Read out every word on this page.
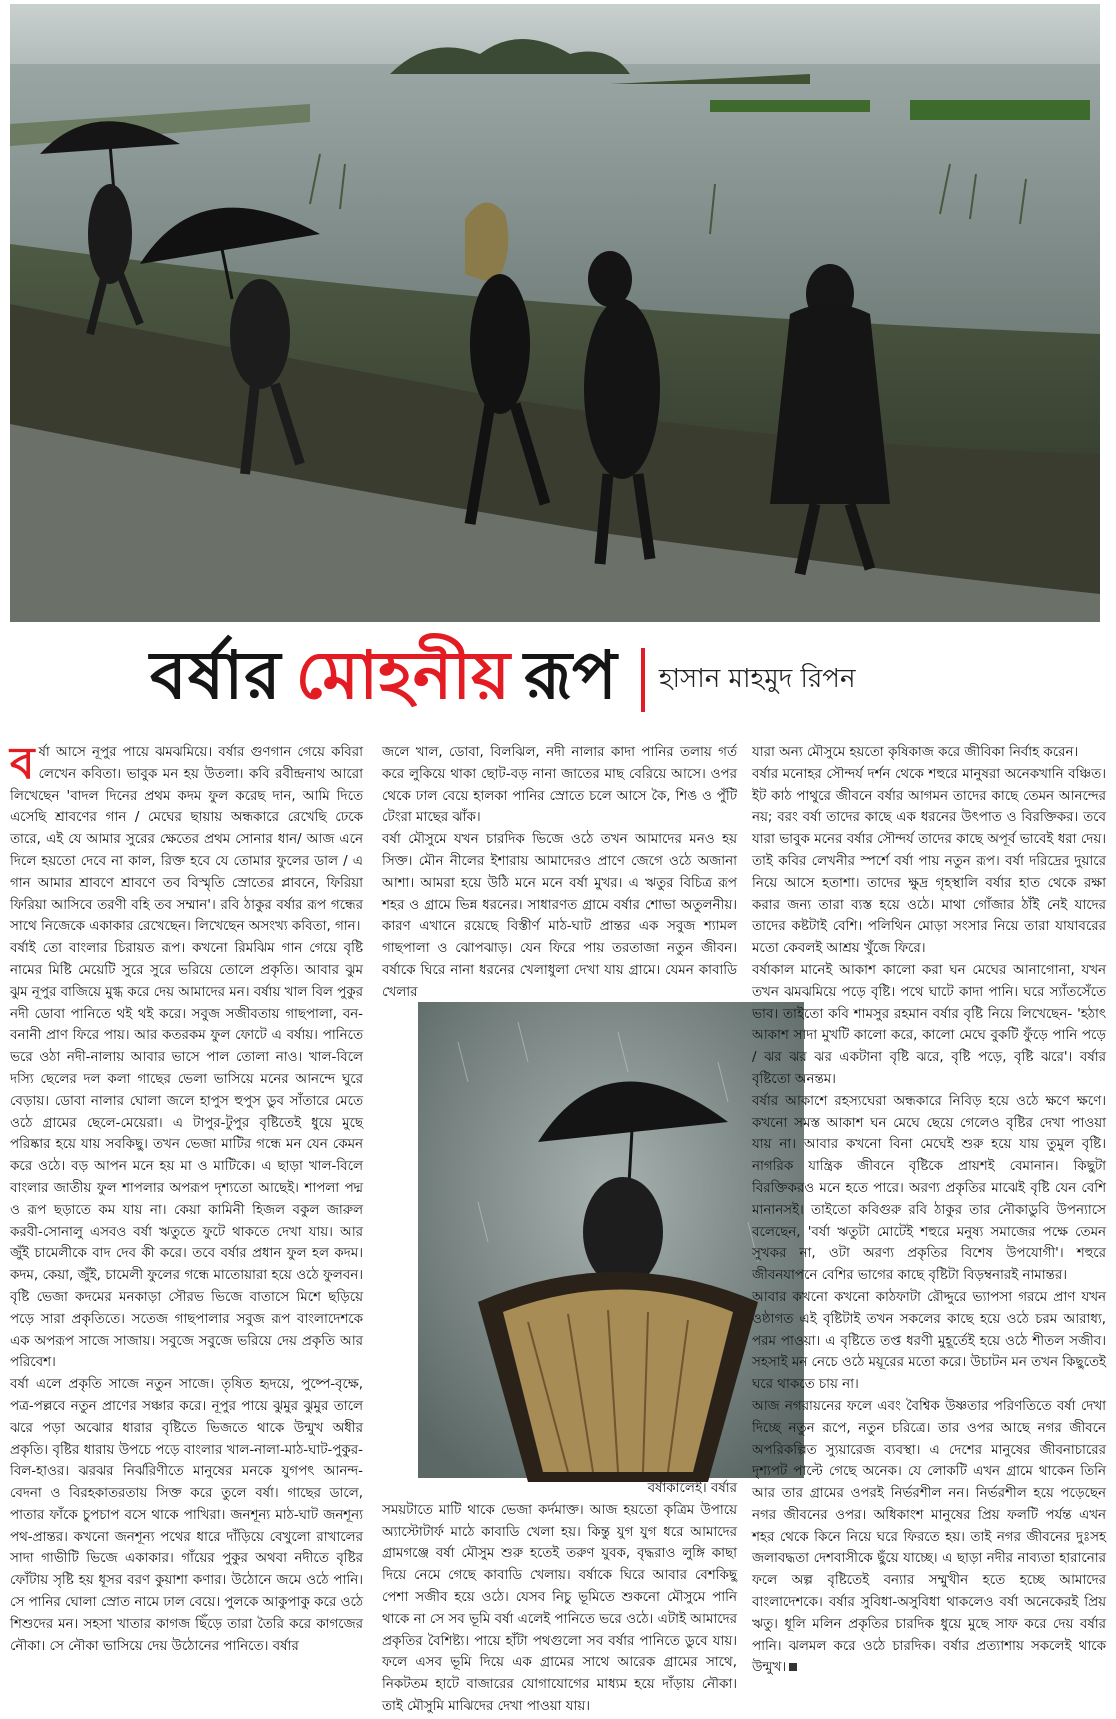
বর্ষার মোহনীয় রূপ হাসান মাহমুদ রিপন
ব র্ষা আসে নূপুর পায়ে ঝমঝমিয়ে। বর্ষার গুণগান গেয়ে কবিরা লেখেন কবিতা। ভাবুক মন হয় উতলা। কবি রবীন্দ্রনাথ আরো লিখেছেন 'বাদল দিনের প্রথম কদম ফুল করেছ দান, আমি দিতে এসেছি শ্রাবণের গান / মেঘের ছায়ায় অন্ধকারে রেখেছি ঢেকে তারে, এই যে আমার সুরের ক্ষেতের প্রথম সোনার ধান/ আজ এনে দিলে হয়তো দেবে না কাল, রিক্ত হবে যে তোমার ফুলের ডাল / এ গান আমার শ্রাবণে শ্রাবণে তব বিস্মৃতি স্রোতের প্লাবনে, ফিরিয়া ফিরিয়া আসিবে তরণী বহি তব সম্মান'। রবি ঠাকুর বর্ষার রূপ গন্ধের সাথে নিজেকে একাকার রেখেছেন। লিখেছেন অসংখ্য কবিতা, গান।

বর্ষাই তো বাংলার চিরায়ত রূপ। কখনো রিমঝিম গান গেয়ে বৃষ্টি নামের মিষ্টি মেয়েটি সুরে সুরে ভরিয়ে তোলে প্রকৃতি। আবার ঝুম ঝুম নূপুর বাজিয়ে মুগ্ধ করে দেয় আমাদের মন। বর্ষায় খাল বিল পুকুর নদী ডোবা পানিতে থই থই করে। সবুজ সজীবতায় গাছপালা, বন-বনানী প্রাণ ফিরে পায়। আর কতরকম ফুল ফোটে এ বর্ষায়। পানিতে ভরে ওঠা নদী-নালায় আবার ভাসে পাল তোলা নাও। খাল-বিলে দস্যি ছেলের দল কলা গাছের ভেলা ভাসিয়ে মনের আনন্দে ঘুরে বেড়ায়। ডোবা নালার ঘোলা জলে হাপুস হুপুস ডুব সাঁতারে মেতে ওঠে গ্রামের ছেলে-মেয়েরা। এ টাপুর-টুপুর বৃষ্টিতেই ধুয়ে মুছে পরিষ্কার হয়ে যায় সবকিছু। তখন ভেজা মাটির গন্ধে মন যেন কেমন করে ওঠে। বড় আপন মনে হয় মা ও মাটিকে। এ ছাড়া খাল-বিলে বাংলার জাতীয় ফুল শাপলার অপরূপ দৃশ্যতো আছেই। শাপলা পদ্ম ও রূপ ছড়াতে কম যায় না। কেয়া কামিনী হিজল বকুল জারুল করবী-সোনালু এসবও বর্ষা ঋতুতে ফুটে থাকতে দেখা যায়। আর জুঁই চামেলীকে বাদ দেব কী করে। তবে বর্ষার প্রধান ফুল হল কদম। কদম, কেয়া, জুঁই, চামেলী ফুলের গন্ধে মাতোয়ারা হয়ে ওঠে ফুলবন। বৃষ্টি ভেজা কদমের মনকাড়া সৌরভ ভিজে বাতাসে মিশে ছড়িয়ে পড়ে সারা প্রকৃতিতে। সতেজ গাছপালার সবুজ রূপ বাংলাদেশকে এক অপরূপ সাজে সাজায়। সবুজে সবুজে ভরিয়ে দেয় প্রকৃতি আর পরিবেশ।

বর্ষা এলে প্রকৃতি সাজে নতুন সাজে। তৃষিত হৃদয়ে, পুষ্পে-বৃক্ষে, পত্র-পল্লবে নতুন প্রাণের সঞ্চার করে। নূপুর পায়ে ঝুমুর ঝুমুর তালে ঝরে পড়া অঝোর ধারার বৃষ্টিতে ভিজতে থাকে উন্মুখ অধীর প্রকৃতি। বৃষ্টির ধারায় উপচে পড়ে বাংলার খাল-নালা-মাঠ-ঘাট-পুকুর-বিল-হাওর। ঝরঝর নির্ঝরিণীতে মানুষের মনকে যুগপৎ আনন্দ-বেদনা ও বিরহকাতরতায় সিক্ত করে তুলে বর্ষা। গাছের ডালে, পাতার ফাঁকে চুপচাপ বসে থাকে পাখিরা। জনশূন্য মাঠ-ঘাট জনশূন্য পথ-প্রান্তর। কখনো জনশূন্য পথের ধারে দাঁড়িয়ে বেখুলো রাখালের সাদা গাভীটি ভিজে একাকার। গাঁয়ের পুকুর অথবা নদীতে বৃষ্টির ফোঁটায় সৃষ্টি হয় ধূসর বরণ কুয়াশা কণার। উঠোনে জমে ওঠে পানি। সে পানির ঘোলা স্রোত নামে ঢাল বেয়ে। পুলকে আকুপাকু করে ওঠে শিশুদের মন। সহসা খাতার কাগজ ছিঁড়ে তারা তৈরি করে কাগজের নৌকা। সে নৌকা ভাসিয়ে দেয় উঠোনের পানিতে। বর্ষার

জলে খাল, ডোবা, বিলঝিল, নদী নালার কাদা পানির তলায় গর্ত করে লুকিয়ে থাকা ছোট-বড় নানা জাতের মাছ বেরিয়ে আসে। ওপর থেকে ঢাল বেয়ে হালকা পানির স্রোতে চলে আসে কৈ, শিঙ ও পুঁটি টেংরা মাছের ঝাঁক।

বর্ষা মৌসুমে যখন চারদিক ভিজে ওঠে তখন আমাদের মনও হয় সিক্ত। মৌন নীলের ইশারায় আমাদেরও প্রাণে জেগে ওঠে অজানা আশা। আমরা হয়ে উঠি মনে মনে বর্ষা মুখর। এ ঋতুর বিচিত্র রূপ শহর ও গ্রামে ভিন্ন ধরনের। সাধারণত গ্রামে বর্ষার শোভা অতুলনীয়। কারণ এখানে রয়েছে বিস্তীর্ণ মাঠ-ঘাট প্রান্তর এক সবুজ শ্যামল গাছপালা ও ঝোপঝাড়। যেন ফিরে পায় তরতাজা নতুন জীবন। বর্ষাকে ঘিরে নানা ধরনের খেলাধুলা দেখা যায় গ্রামে। যেমন কাবাডি খেলার

বর্ষাকালেই। বর্ষার

সময়টাতে মাটি থাকে ভেজা কর্দমাক্ত। আজ হয়তো কৃত্রিম উপায়ে অ্যাস্টোটার্ফ মাঠে কাবাডি খেলা হয়। কিন্তু যুগ যুগ ধরে আমাদের গ্রামগঞ্জে বর্ষা মৌসুম শুরু হতেই তরুণ যুবক, বৃদ্ধরাও লুঙ্গি কাছা দিয়ে নেমে গেছে কাবাডি খেলায়। বর্ষাকে ঘিরে আবার বেশকিছু পেশা সজীব হয়ে ওঠে। যেসব নিচু ভূমিতে শুকনো মৌসুমে পানি থাকে না সে সব ভূমি বর্ষা এলেই পানিতে ভরে ওঠে। এটাই আমাদের প্রকৃতির বৈশিষ্ট্য। পায়ে হাঁটা পথগুলো সব বর্ষার পানিতে ডুবে যায়। ফলে এসব ভূমি দিয়ে এক গ্রামের সাথে আরেক গ্রামের সাথে, নিকটতম হাটে বাজারের যোগাযোগের মাধ্যম হয়ে দাঁড়ায় নৌকা। তাই মৌসুমি মাঝিদের দেখা পাওয়া যায়।

যারা অন্য মৌসুমে হয়তো কৃষিকাজ করে জীবিকা নির্বাহ করেন।

বর্ষার মনোহর সৌন্দর্য দর্শন থেকে শহুরে মানুষরা অনেকখানি বঞ্চিত। ইট কাঠ পাথুরে জীবনে বর্ষার আগমন তাদের কাছে তেমন আনন্দের নয়; বরং বর্ষা তাদের কাছে এক ধরনের উৎপাত ও বিরক্তিকর। তবে যারা ভাবুক মনের বর্ষার সৌন্দর্য তাদের কাছে অপূর্ব ভাবেই ধরা দেয়। তাই কবির লেখনীর স্পর্শে বর্ষা পায় নতুন রূপ। বর্ষা দরিদ্রের দুয়ারে নিয়ে আসে হতাশা। তাদের ক্ষুদ্র গৃহস্থালি বর্ষার হাত থেকে রক্ষা করার জন্য তারা ব্যস্ত হয়ে ওঠে। মাথা গোঁজার ঠাঁই নেই যাদের তাদের কষ্টটাই বেশি। পলিথিন মোড়া সংসার নিয়ে তারা যাযাবরের মতো কেবলই আশ্রয় খুঁজে ফিরে।

বর্ষাকাল মানেই আকাশ কালো করা ঘন মেঘের আনাগোনা, যখন তখন ঝমঝমিয়ে পড়ে বৃষ্টি। পথে ঘাটে কাদা পানি। ঘরে স্যাঁতসেঁতে ভাব। তাইতো কবি শামসুর রহমান বর্ষার বৃষ্টি নিয়ে লিখেছেন- 'হঠাৎ আকাশ সাদা মুখটি কালো করে, কালো মেঘে বুকটি ফুঁড়ে পানি পড়ে / ঝর ঝর ঝর একটানা বৃষ্টি ঝরে, বৃষ্টি পড়ে, বৃষ্টি ঝরে'। বর্ষার বৃষ্টিতো অনন্তম।

বর্ষার আকাশে রহস্যঘেরা অন্ধকারে নিবিড় হয়ে ওঠে ক্ষণে ক্ষণে। কখনো সমস্ত আকাশ ঘন মেঘে ছেয়ে গেলেও বৃষ্টির দেখা পাওয়া যায় না। আবার কখনো বিনা মেঘেই শুরু হয়ে যায় তুমুল বৃষ্টি। নাগরিক যান্ত্রিক জীবনে বৃষ্টিকে প্রায়শই বেমানান। কিছুটা বিরক্তিকরও মনে হতে পারে। অরণ্য প্রকৃতির মাঝেই বৃষ্টি যেন বেশি মানানসই। তাইতো কবিগুরু রবি ঠাকুর তার নৌকাডুবি উপন্যাসে বলেছেন, 'বর্ষা ঋতুটা মোটেই শহুরে মনুষ্য সমাজের পক্ষে তেমন সুখকর না, ওটা অরণ্য প্রকৃতির বিশেষ উপযোগী'। শহুরে জীবনযাপনে বেশির ভাগের কাছে বৃষ্টিটা বিড়ম্বনারই নামান্তর।

আবার কখনো কখনো কাঠফাটা রৌদ্দুরে ভ্যাপসা গরমে প্রাণ যখন ওষ্ঠাগত এই বৃষ্টিটাই তখন সকলের কাছে হয়ে ওঠে চরম আরাধ্য, পরম পাওয়া। এ বৃষ্টিতে তপ্ত ধরণী মুহূর্তেই হয়ে ওঠে শীতল সজীব। সহসাই মন নেচে ওঠে ময়ূরের মতো করে। উচাটন মন তখন কিছুতেই ঘরে থাকতে চায় না।

আজ নগরায়নের ফলে এবং বৈশ্বিক উষ্ণতার পরিণতিতে বর্ষা দেখা দিচ্ছে নতুন রূপে, নতুন চরিত্রে। তার ওপর আছে নগর জীবনে অপরিকল্পিত স্যুয়ারেজ ব্যবস্থা। এ দেশের মানুষের জীবনাচারের দৃশ্যপট পাল্টে গেছে অনেক। যে লোকটি এখন গ্রামে থাকেন তিনি আর তার গ্রামের ওপরই নির্ভরশীল নন। নির্ভরশীল হয়ে পড়েছেন নগর জীবনের ওপর। অধিকাংশ মানুষের প্রিয় ফলটি পর্যন্ত এখন শহর থেকে কিনে নিয়ে ঘরে ফিরতে হয়। তাই নগর জীবনের দুঃসহ জলাবদ্ধতা দেশবাসীকে ছুঁয়ে যাচ্ছে। এ ছাড়া নদীর নাব্যতা হারানোর ফলে অল্প বৃষ্টিতেই বন্যার সম্মুখীন হতে হচ্ছে আমাদের বাংলাদেশকে। বর্ষার সুবিধা-অসুবিধা থাকলেও বর্ষা অনেকেরই প্রিয় ঋতু। ধূলি মলিন প্রকৃতির চারদিক ধুয়ে মুছে সাফ করে দেয় বর্ষার পানি। ঝলমল করে ওঠে চারদিক। বর্ষার প্রত্যাশায় সকলেই থাকে উন্মুখ।
